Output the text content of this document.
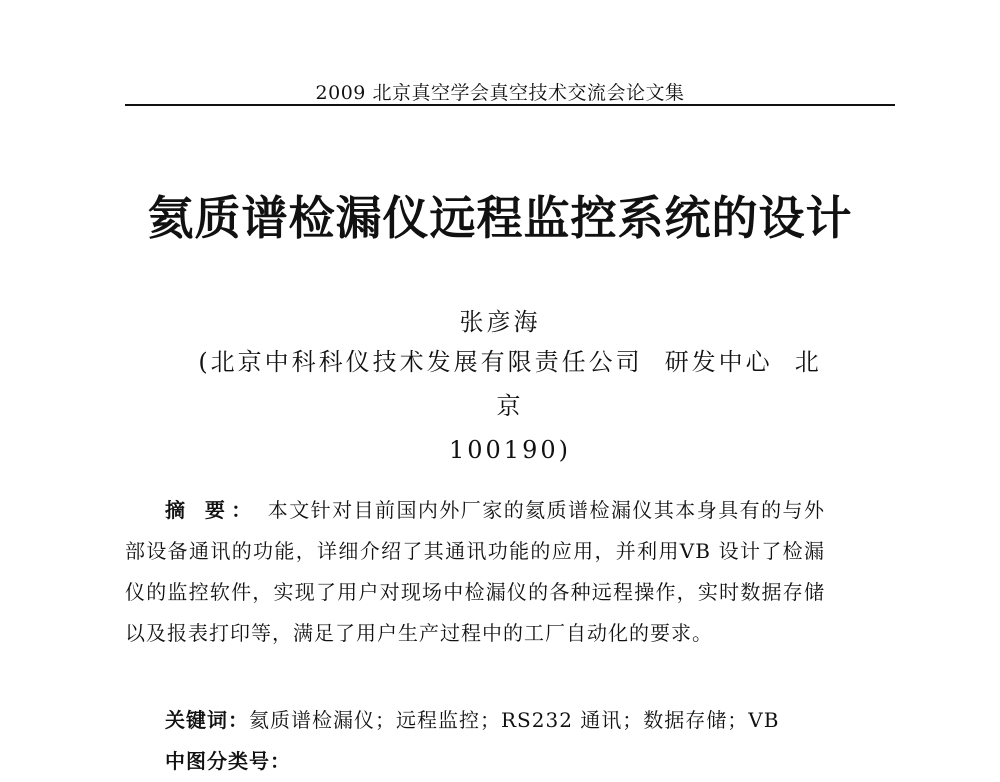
2009 北京真空学会真空技术交流会论文集
氦质谱检漏仪远程监控系统的设计
张彦海
(北京中科科仪技术发展有限责任公司 研发中心 北京
100190)

摘 要： 本文针对目前国内外厂家的氦质谱检漏仪其本身具有的与外部设备通讯的功能，详细介绍了其通讯功能的应用，并利用VB 设计了检漏仪的监控软件，实现了用户对现场中检漏仪的各种远程操作，实时数据存储以及报表打印等，满足了用户生产过程中的工厂自动化的要求。

关键词：氦质谱检漏仪；远程监控；RS232 通讯；数据存储；VB

中图分类号：
